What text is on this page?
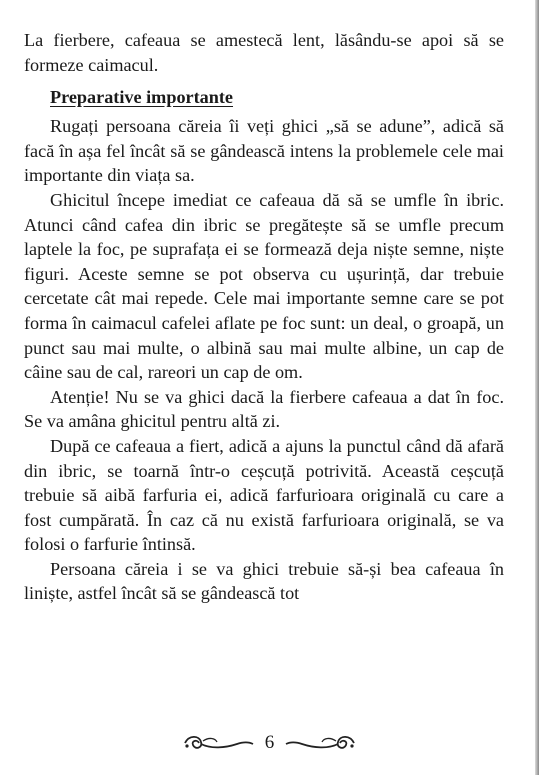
La fierbere, cafeaua se amestecă lent, lăsându-se apoi să se formeze caimacul.

Preparative importante

Rugați persoana căreia îi veți ghici „să se adune”, adică să facă în așa fel încât să se gândească intens la problemele cele mai importante din viața sa.

Ghicitul începe imediat ce cafeaua dă să se umfle în ibric. Atunci când cafea din ibric se pregătește să se umfle precum laptele la foc, pe suprafața ei se formează deja niște semne, niște figuri. Aceste semne se pot observa cu ușurință, dar trebuie cercetate cât mai repede. Cele mai importante semne care se pot forma în caimacul cafelei aflate pe foc sunt: un deal, o groapă, un punct sau mai multe, o albină sau mai multe albine, un cap de câine sau de cal, rareori un cap de om.

Atenție! Nu se va ghici dacă la fierbere cafeaua a dat în foc. Se va amâna ghicitul pentru altă zi.

După ce cafeaua a fiert, adică a ajuns la punctul când dă afară din ibric, se toarnă într-o ceșcuță potrivită. Această ceșcuță trebuie să aibă farfuria ei, adică farfurioara originală cu care a fost cumpărată. În caz că nu există farfurioara originală, se va folosi o farfurie întinsă.

Persoana căreia i se va ghici trebuie să-și bea cafeaua în liniște, astfel încât să se gândească tot

6
